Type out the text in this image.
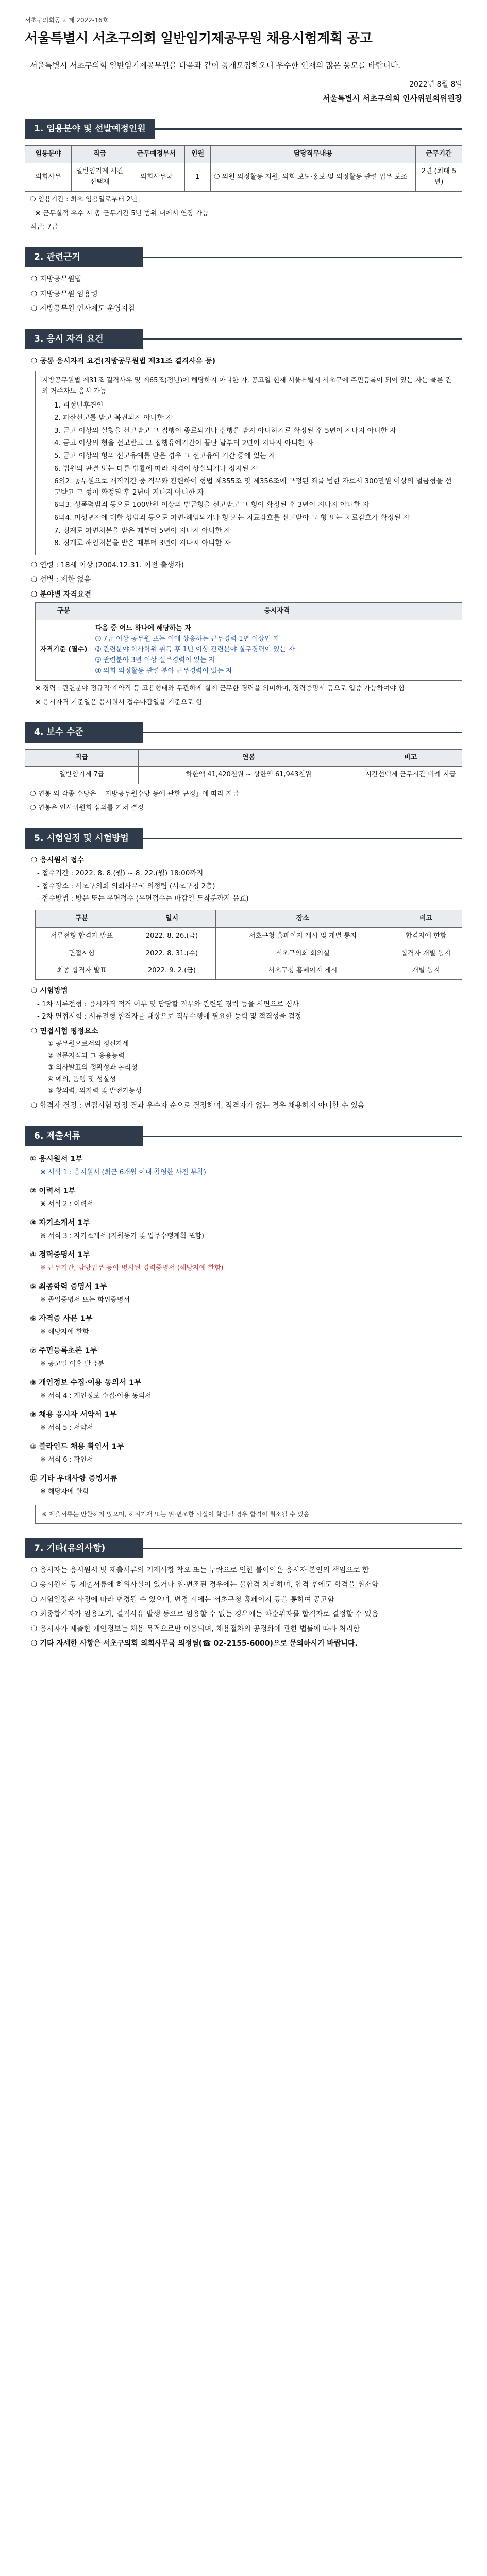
서초구의회공고 제 2022-16호
서울특별시 서초구의회 일반임기제공무원 채용시험계획 공고

서울특별시 서초구의회 일반임기제공무원을 다음과 같이 공개모집하오니 우수한 인재의 많은 응모를 바랍니다.

2022년 8월 8일
서울특별시 서초구의회 인사위원회위원장
1. 임용분야 및 선발예정인원
임용분야	직급	근무예정부서	인원	담당직무내용	근무기간
의회사무	일반임기제 시간선택제	의회사무국	1	❍ 의원 의정활동 지원, 의회 보도·홍보 및 의정활동 관련 업무 보조	2년 (최대 5년)
❍ 임용기간 : 최초 임용일로부터 2년
※ 근무실적 우수 시 총 근무기간 5년 범위 내에서 연장 가능
직급: 7급
2. 관련근거
❍ 지방공무원법
❍ 지방공무원 임용령
❍ 지방공무원 인사제도 운영지침
3. 응시 자격 요건
❍ 공통 응시자격 요건(지방공무원법 제31조 결격사유 등)
지방공무원법 제31조 결격사유 및 제65조(정년)에 해당하지 아니한 자, 공고일 현재 서울특별시 서초구에 주민등록이 되어 있는 자는 물론 관외 거주자도 응시 가능
1. 피성년후견인
2. 파산선고를 받고 복권되지 아니한 자
3. 금고 이상의 실형을 선고받고 그 집행이 종료되거나 집행을 받지 아니하기로 확정된 후 5년이 지나지 아니한 자
4. 금고 이상의 형을 선고받고 그 집행유예기간이 끝난 날부터 2년이 지나지 아니한 자
5. 금고 이상의 형의 선고유예를 받은 경우 그 선고유예 기간 중에 있는 자
6. 법원의 판결 또는 다른 법률에 따라 자격이 상실되거나 정지된 자
6의2. 공무원으로 재직기간 중 직무와 관련하여 형법 제355조 및 제356조에 규정된 죄를 범한 자로서 300만원 이상의 벌금형을 선고받고 그 형이 확정된 후 2년이 지나지 아니한 자
6의3. 성폭력범죄 등으로 100만원 이상의 벌금형을 선고받고 그 형이 확정된 후 3년이 지나지 아니한 자
6의4. 미성년자에 대한 성범죄 등으로 파면·해임되거나 형 또는 치료감호를 선고받아 그 형 또는 치료감호가 확정된 자
7. 징계로 파면처분을 받은 때부터 5년이 지나지 아니한 자
8. 징계로 해임처분을 받은 때부터 3년이 지나지 아니한 자
❍ 연령 : 18세 이상 (2004.12.31. 이전 출생자)
❍ 성별 : 제한 없음
❍ 분야별 자격요건
구분	응시자격
자격기준 (필수)	다음 중 어느 하나에 해당하는 자
➀ 7급 이상 공무원 또는 이에 상응하는 근무경력 1년 이상인 자
➁ 관련분야 학사학위 취득 후 1년 이상 관련분야 실무경력이 있는 자
➂ 관련분야 3년 이상 실무경력이 있는 자
➃ 의회 의정활동 관련 분야 근무경력이 있는 자
※ 경력 : 관련분야 정규직·계약직 등 고용형태와 무관하게 실제 근무한 경력을 의미하며, 경력증명서 등으로 입증 가능하여야 함
※ 응시자격 기준일은 응시원서 접수마감일을 기준으로 함
4. 보수 수준
직급	연봉	비고
일반임기제 7급	하한액 41,420천원 ~ 상한액 61,943천원	시간선택제 근무시간 비례 지급
❍ 연봉 외 각종 수당은 「지방공무원수당 등에 관한 규정」에 따라 지급
❍ 연봉은 인사위원회 심의를 거쳐 결정
5. 시험일정 및 시험방법
❍ 응시원서 접수
- 접수기간 : 2022. 8. 8.(월) ~ 8. 22.(월) 18:00까지
- 접수장소 : 서초구의회 의회사무국 의정팀 (서초구청 2층)
- 접수방법 : 방문 또는 우편접수 (우편접수는 마감일 도착분까지 유효)
구분	일시	장소	비고
서류전형 합격자 발표	2022. 8. 26.(금)	서초구청 홈페이지 게시 및 개별 통지	합격자에 한함
면접시험	2022. 8. 31.(수)	서초구의회 회의실	합격자 개별 통지
최종 합격자 발표	2022. 9. 2.(금)	서초구청 홈페이지 게시	개별 통지
❍ 시험방법
- 1차 서류전형 : 응시자격 적격 여부 및 담당할 직무와 관련된 경력 등을 서면으로 심사
- 2차 면접시험 : 서류전형 합격자를 대상으로 직무수행에 필요한 능력 및 적격성을 검정
❍ 면접시험 평정요소
① 공무원으로서의 정신자세
② 전문지식과 그 응용능력
③ 의사발표의 정확성과 논리성
④ 예의, 품행 및 성실성
⑤ 창의력, 의지력 및 발전가능성
❍ 합격자 결정 : 면접시험 평정 결과 우수자 순으로 결정하며, 적격자가 없는 경우 채용하지 아니할 수 있음
6. 제출서류
① 응시원서 1부
※ 서식 1 : 응시원서 (최근 6개월 이내 촬영한 사진 부착)
② 이력서 1부
※ 서식 2 : 이력서
③ 자기소개서 1부
※ 서식 3 : 자기소개서 (지원동기 및 업무수행계획 포함)
④ 경력증명서 1부
※ 근무기간, 담당업무 등이 명시된 경력증명서 (해당자에 한함)
⑤ 최종학력 증명서 1부
※ 졸업증명서 또는 학위증명서
⑥ 자격증 사본 1부
※ 해당자에 한함
⑦ 주민등록초본 1부
※ 공고일 이후 발급분
⑧ 개인정보 수집·이용 동의서 1부
※ 서식 4 : 개인정보 수집·이용 동의서
⑨ 채용 응시자 서약서 1부
※ 서식 5 : 서약서
⑩ 블라인드 채용 확인서 1부
※ 서식 6 : 확인서
⑪ 기타 우대사항 증빙서류
※ 해당자에 한함
※ 제출서류는 반환하지 않으며, 허위기재 또는 위·변조한 사실이 확인될 경우 합격이 취소될 수 있음
7. 기타(유의사항)
❍ 응시자는 응시원서 및 제출서류의 기재사항 착오 또는 누락으로 인한 불이익은 응시자 본인의 책임으로 함
❍ 응시원서 등 제출서류에 허위사실이 있거나 위·변조된 경우에는 불합격 처리하며, 합격 후에도 합격을 취소함
❍ 시험일정은 사정에 따라 변경될 수 있으며, 변경 시에는 서초구청 홈페이지 등을 통하여 공고함
❍ 최종합격자가 임용포기, 결격사유 발생 등으로 임용할 수 없는 경우에는 차순위자를 합격자로 결정할 수 있음
❍ 응시자가 제출한 개인정보는 채용 목적으로만 이용되며, 채용절차의 공정화에 관한 법률에 따라 처리함
❍ 기타 자세한 사항은 서초구의회 의회사무국 의정팀(☎ 02-2155-6000)으로 문의하시기 바랍니다.
